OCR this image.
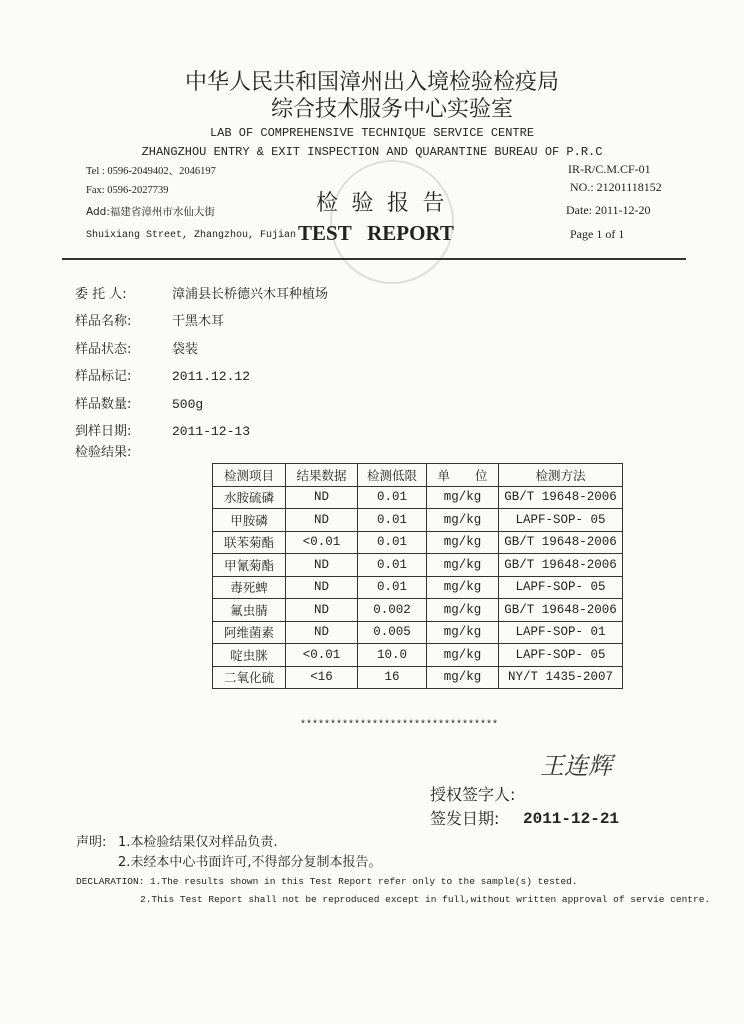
中华人民共和国漳州出入境检验检疫局
综合技术服务中心实验室
LAB OF COMPREHENSIVE TECHNIQUE SERVICE CENTRE
ZHANGZHOU ENTRY & EXIT INSPECTION AND QUARANTINE BUREAU OF P.R.C
Tel : 0596-2049402、2046197
Fax: 0596-2027739
Add:福建省漳州市水仙大街
Shuixiang Street, Zhangzhou, Fujian
检 验 报 告
TEST   REPORT
IR-R/C.M.CF-01
NO.: 21201118152
Date: 2011-12-20
Page 1 of 1
委 托 人:	漳浦县长桥德兴木耳种植场
样品名称:	干黑木耳
样品状态:	袋装
样品标记:	2011.12.12
样品数量:	500g
到样日期:	2011-12-13
检验结果:
检测项目	结果数据	检测低限	单　　位	检测方法
水胺硫磷	ND	0.01	mg/kg	GB/T 19648-2006
甲胺磷	ND	0.01	mg/kg	LAPF-SOP- 05
联苯菊酯	<0.01	0.01	mg/kg	GB/T 19648-2006
甲氰菊酯	ND	0.01	mg/kg	GB/T 19648-2006
毒死蜱	ND	0.01	mg/kg	LAPF-SOP- 05
氟虫腈	ND	0.002	mg/kg	GB/T 19648-2006
阿维菌素	ND	0.005	mg/kg	LAPF-SOP- 01
啶虫脒	<0.01	10.0	mg/kg	LAPF-SOP- 05
二氧化硫	<16	16	mg/kg	NY/T 1435-2007
*********************************
授权签字人:
王连辉
签发日期: 2011-12-21
声明: 1.本检验结果仅对样品负责.
2.未经本中心书面许可,不得部分复制本报告。
DECLARATION: 1.The results shown in this Test Report refer only to the sample(s) tested.
2.This Test Report shall not be reproduced except in full,without written approval of servie centre.
